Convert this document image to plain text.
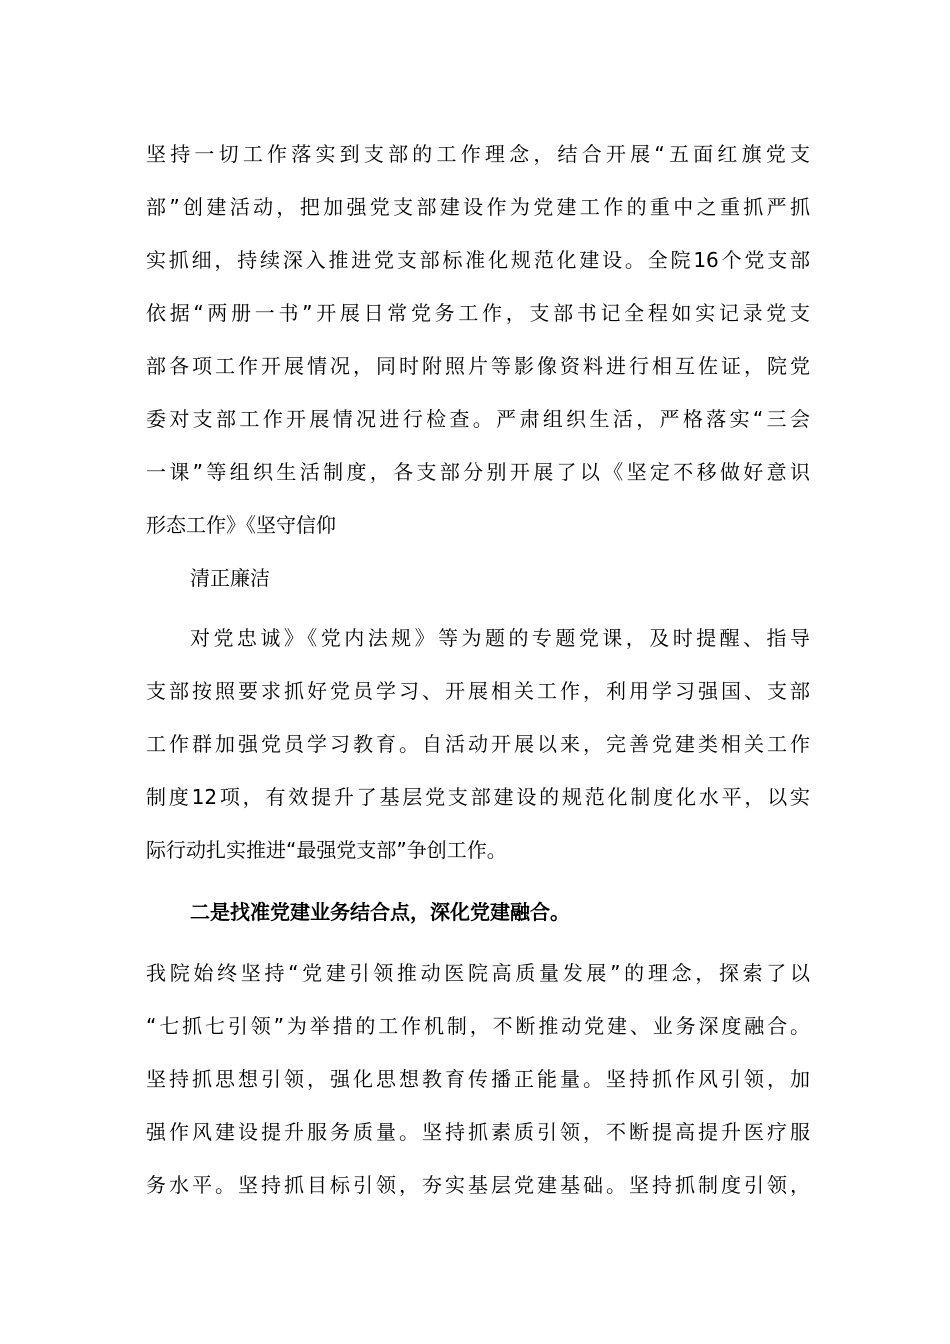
坚持一切工作落实到支部的工作理念，结合开展“五面红旗党支
部”创建活动，把加强党支部建设作为党建工作的重中之重抓严抓
实抓细，持续深入推进党支部标准化规范化建设。全院16个党支部
依据“两册一书”开展日常党务工作，支部书记全程如实记录党支
部各项工作开展情况，同时附照片等影像资料进行相互佐证，院党
委对支部工作开展情况进行检查。严肃组织生活，严格落实“三会
一课”等组织生活制度，各支部分别开展了以《坚定不移做好意识
形态工作》《坚守信仰
清正廉洁
对党忠诚》《党内法规》等为题的专题党课，及时提醒、指导
支部按照要求抓好党员学习、开展相关工作，利用学习强国、支部
工作群加强党员学习教育。自活动开展以来，完善党建类相关工作
制度12项，有效提升了基层党支部建设的规范化制度化水平，以实
际行动扎实推进“最强党支部”争创工作。
二是找准党建业务结合点，深化党建融合。
我院始终坚持“党建引领推动医院高质量发展”的理念，探索了以
“七抓七引领”为举措的工作机制，不断推动党建、业务深度融合。
坚持抓思想引领，强化思想教育传播正能量。坚持抓作风引领，加
强作风建设提升服务质量。坚持抓素质引领，不断提高提升医疗服
务水平。坚持抓目标引领，夯实基层党建基础。坚持抓制度引领，
